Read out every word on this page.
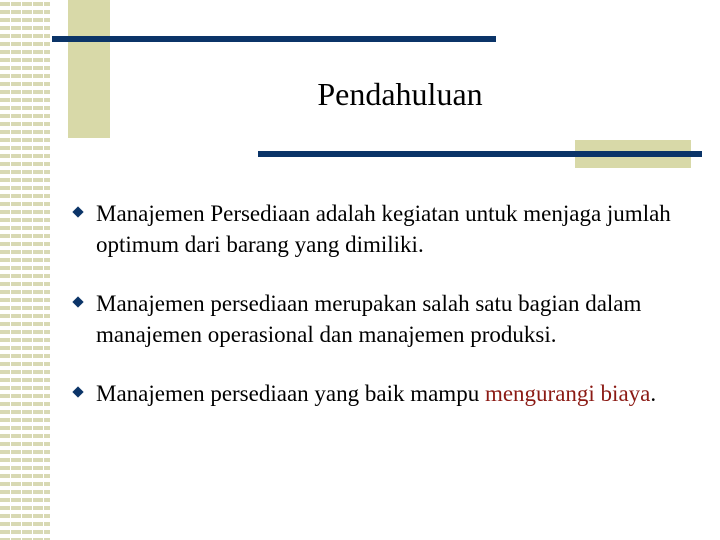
Pendahuluan
Manajemen Persediaan adalah kegiatan untuk menjaga jumlah optimum dari barang yang dimiliki.
Manajemen persediaan merupakan salah satu bagian dalam manajemen operasional dan manajemen produksi.
Manajemen persediaan yang baik mampu mengurangi biaya.
